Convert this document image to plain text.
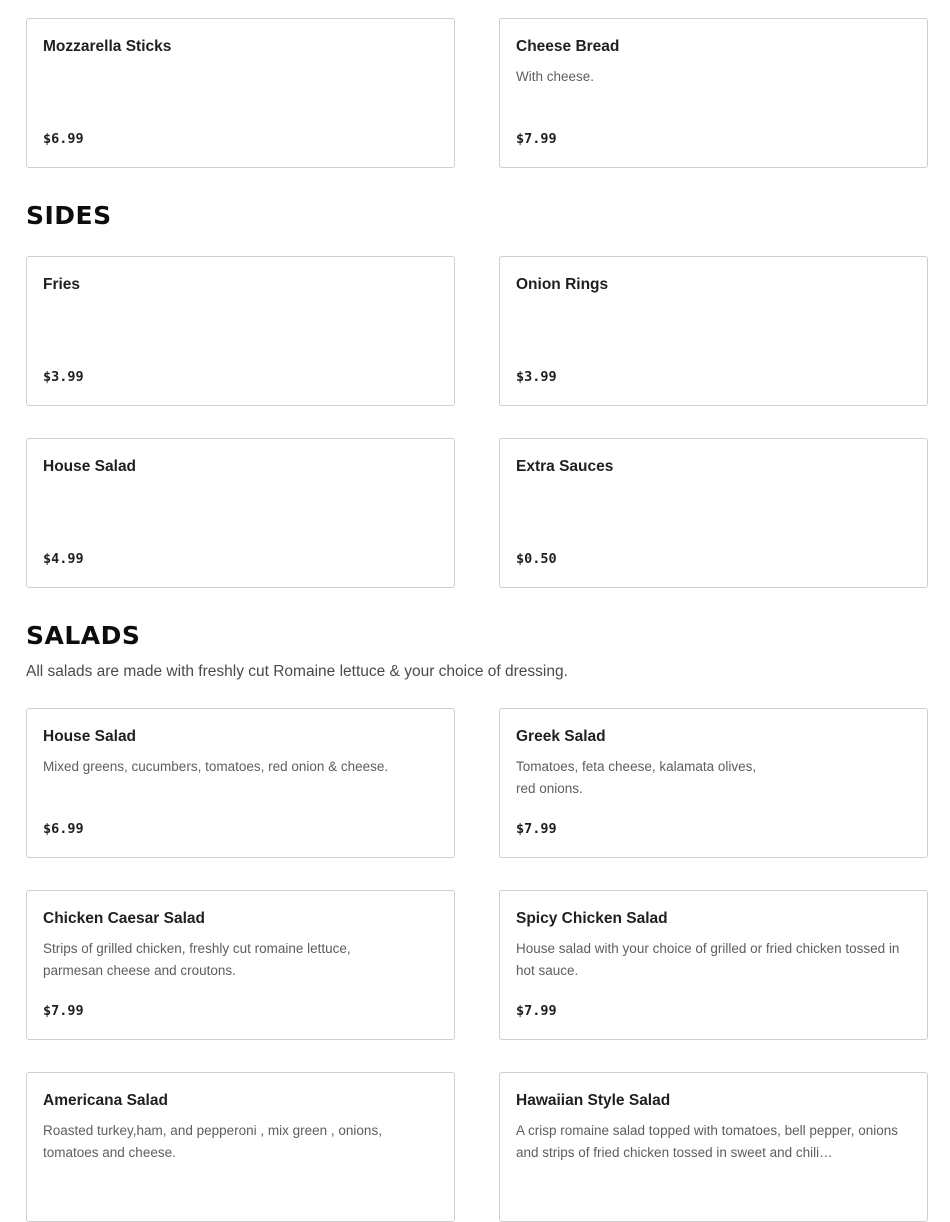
Mozzarella Sticks
$6.99
Cheese Bread
With cheese.
$7.99
SIDES
Fries
$3.99
Onion Rings
$3.99
House Salad
$4.99
Extra Sauces
$0.50
SALADS

All salads are made with freshly cut Romaine lettuce & your choice of dressing.

House Salad
Mixed greens, cucumbers, tomatoes, red onion & cheese.
$6.99
Greek Salad
Tomatoes, feta cheese, kalamata olives,
red onions.
$7.99
Chicken Caesar Salad
Strips of grilled chicken, freshly cut romaine lettuce, parmesan cheese and croutons.
$7.99
Spicy Chicken Salad
House salad with your choice of grilled or fried chicken tossed in hot sauce.
$7.99
Americana Salad
Roasted turkey,ham, and pepperoni , mix green , onions, tomatoes and cheese.
Hawaiian Style Salad
A crisp romaine salad topped with tomatoes, bell pepper, onions and strips of fried chicken tossed in sweet and chili…
